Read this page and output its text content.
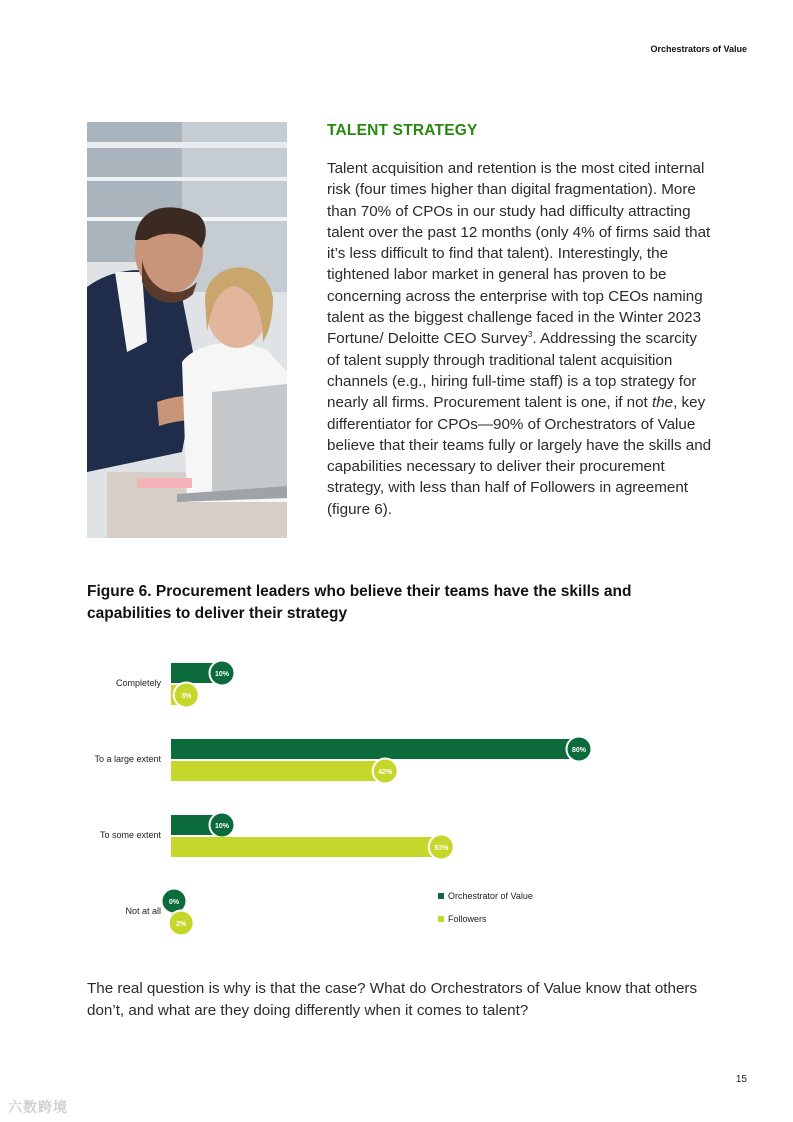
Orchestrators of Value
TALENT STRATEGY
Talent acquisition and retention is the most cited internal risk (four times higher than digital fragmentation). More than 70% of CPOs in our study had difficulty attracting talent over the past 12 months (only 4% of firms said that it’s less difficult to find that talent). Interestingly, the tightened labor market in general has proven to be concerning across the enterprise with top CEOs naming talent as the biggest challenge faced in the Winter 2023 Fortune/ Deloitte CEO Survey$^3$. Addressing the scarcity of talent supply through traditional talent acquisition channels (e.g., hiring full-time staff) is a top strategy for nearly all firms. Procurement talent is one, if not the, key differentiator for CPOs—90% of Orchestrators of Value believe that their teams fully or largely have the skills and capabilities necessary to deliver their procurement strategy, with less than half of Followers in agreement (figure 6).
Figure 6. Procurement leaders who believe their teams have the skills and capabilities to deliver their strategy
Completely
10%
3%
To a large extent
80%
42%
To some extent
10%
53%
Not at all
0%
2%
Orchestrator of Value
Followers
The real question is why is that the case? What do Orchestrators of Value know that others don’t, and what are they doing differently when it comes to talent?
15
六数跨境
